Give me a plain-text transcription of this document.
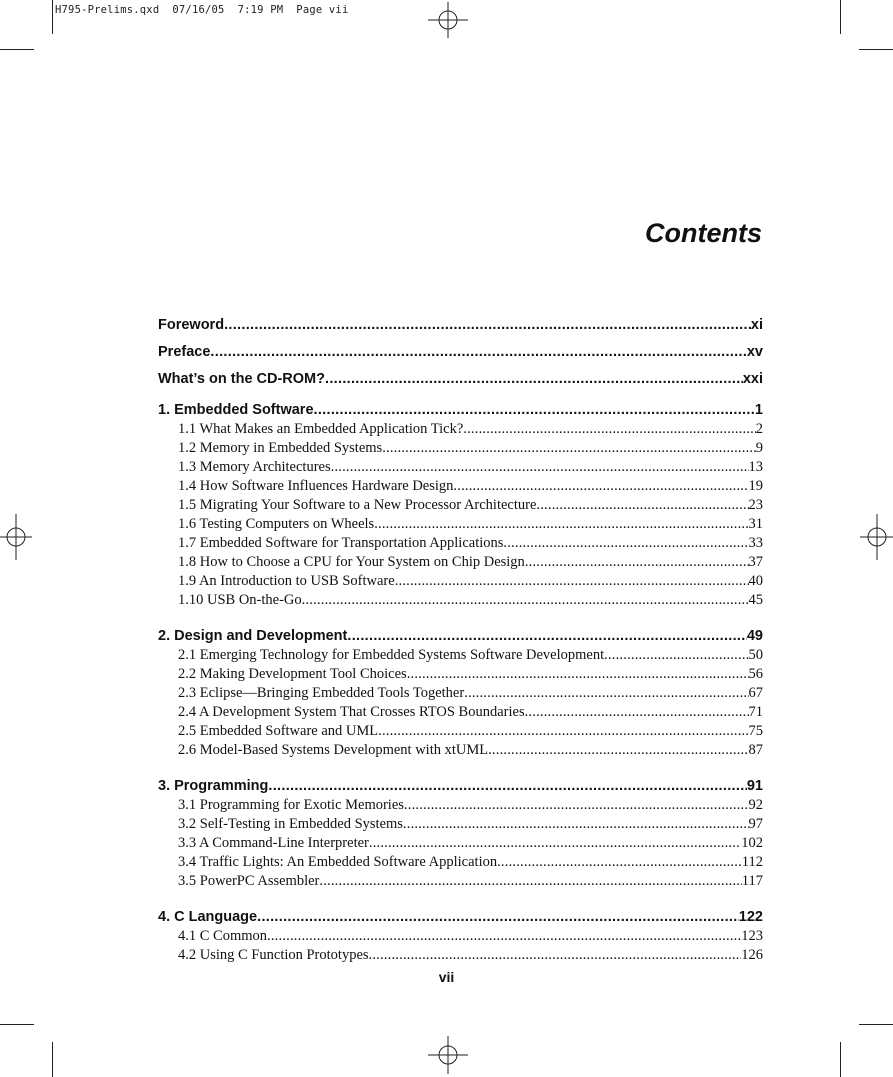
H795-Prelims.qxd  07/16/05  7:19 PM  Page vii
Contents
Foreword .....	xi
Preface .....	xv
What’s on the CD-ROM? .....	xxi
1. Embedded Software .....	1
1.1 What Makes an Embedded Application Tick? .....	2
1.2 Memory in Embedded Systems .....	9
1.3 Memory Architectures .....	13
1.4 How Software Influences Hardware Design .....	19
1.5 Migrating Your Software to a New Processor Architecture .....	23
1.6 Testing Computers on Wheels .....	31
1.7 Embedded Software for Transportation Applications .....	33
1.8 How to Choose a CPU for Your System on Chip Design .....	37
1.9 An Introduction to USB Software .....	40
1.10 USB On-the-Go .....	45
2. Design and Development .....	49
2.1 Emerging Technology for Embedded Systems Software Development .....	50
2.2 Making Development Tool Choices .....	56
2.3 Eclipse—Bringing Embedded Tools Together .....	67
2.4 A Development System That Crosses RTOS Boundaries .....	71
2.5 Embedded Software and UML .....	75
2.6 Model-Based Systems Development with xtUML .....	87
3. Programming .....	91
3.1 Programming for Exotic Memories .....	92
3.2 Self-Testing in Embedded Systems .....	97
3.3 A Command-Line Interpreter .....	102
3.4 Traffic Lights: An Embedded Software Application .....	112
3.5 PowerPC Assembler .....	117
4. C Language .....	122
4.1 C Common .....	123
4.2 Using C Function Prototypes .....	126
vii
